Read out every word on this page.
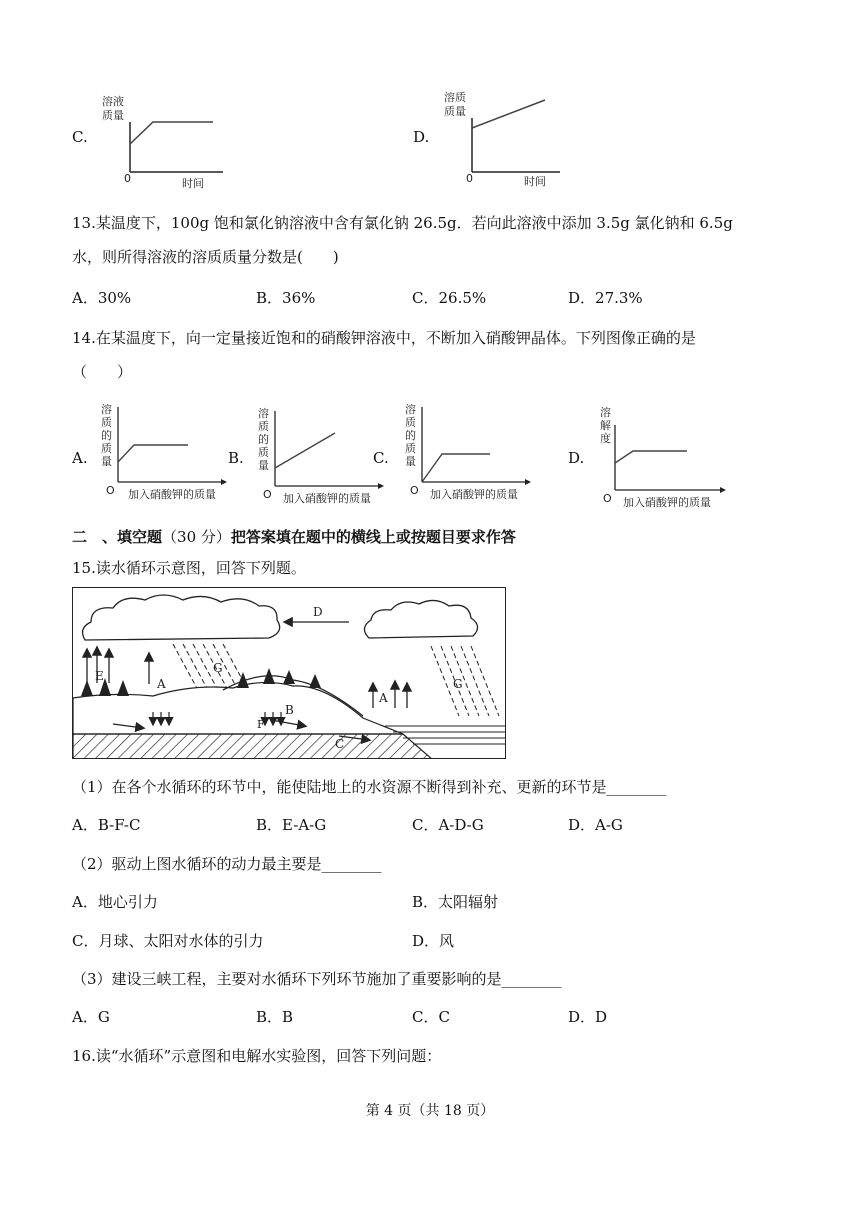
C.
溶液
质量
0	时间
D.
溶质
质量
0	时间
13.某温度下，100g 饱和氯化钠溶液中含有氯化钠 26.5g．若向此溶液中添加 3.5g 氯化钠和 6.5g
水，则所得溶液的溶质质量分数是(　　)
A．30%	B．36%	C．26.5%	D．27.3%
14.在某温度下，向一定量接近饱和的硝酸钾溶液中，不断加入硝酸钾晶体。下列图像正确的是
（　　）
A.
溶
质
的
质
量
O 加入硝酸钾的质量
B.
溶
质
的
质
量
O 加入硝酸钾的质量
C.
溶
质
的
质
量
O 加入硝酸钾的质量
D.
溶
解
度
O 加入硝酸钾的质量
二　、填空题（30 分）把答案填在题中的横线上或按题目要求作答
15.读水循环示意图，回答下列题。
D
E
A
G
G
A
F
B
（1）在各个水循环的环节中，能使陆地上的水资源不断得到补充、更新的环节是________
A．B-F-C	B．E-A-G	C．A-D-G	D．A-G
（2）驱动上图水循环的动力最主要是________
A．地心引力	B．太阳辐射
C．月球、太阳对水体的引力	D．风
（3）建设三峡工程，主要对水循环下列环节施加了重要影响的是________
A．G	B．B	C．C	D．D
16.读“水循环”示意图和电解水实验图，回答下列问题：
第 4 页（共 18 页）
